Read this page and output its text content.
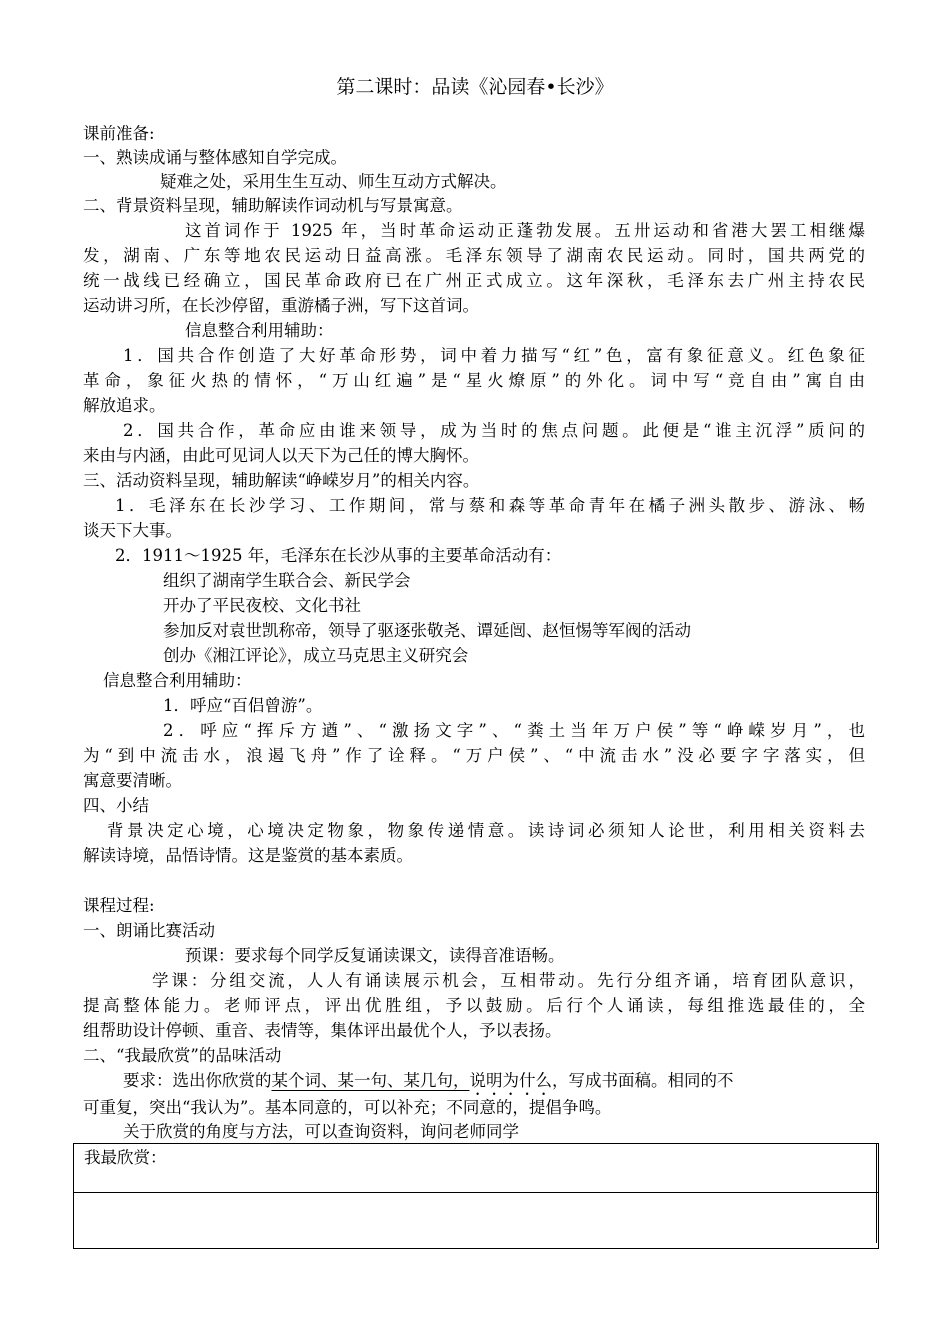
第二课时：品读《沁园春•长沙》
课前准备:
一、熟读成诵与整体感知自学完成。
疑难之处，采用生生互动、师生互动方式解决。
二、背景资料呈现，辅助解读作词动机与写景寓意。
这首词作于 1925 年，当时革命运动正蓬勃发展。五卅运动和省港大罢工相继爆
发，湖南、广东等地农民运动日益高涨。毛泽东领导了湖南农民运动。同时，国共两党的
统一战线已经确立，国民革命政府已在广州正式成立。这年深秋，毛泽东去广州主持农民
运动讲习所，在长沙停留，重游橘子洲，写下这首词。
信息整合利用辅助：
1．国共合作创造了大好革命形势，词中着力描写“红”色，富有象征意义。红色象征
革命，象征火热的情怀，“万山红遍”是“星火燎原”的外化。词中写“竞自由”寓自由
解放追求。
2．国共合作，革命应由谁来领导，成为当时的焦点问题。此便是“谁主沉浮”质问的
来由与内涵，由此可见词人以天下为己任的博大胸怀。
三、活动资料呈现，辅助解读“峥嵘岁月”的相关内容。
1．毛泽东在长沙学习、工作期间，常与蔡和森等革命青年在橘子洲头散步、游泳、畅
谈天下大事。
2．1911～1925 年，毛泽东在长沙从事的主要革命活动有：
组织了湖南学生联合会、新民学会
开办了平民夜校、文化书社
参加反对袁世凯称帝，领导了驱逐张敬尧、谭延闿、赵恒惕等军阀的活动
创办《湘江评论》，成立马克思主义研究会
信息整合利用辅助：
1．呼应“百侣曾游”。
2．呼应“挥斥方遒”、“激扬文字”、“粪土当年万户侯”等“峥嵘岁月”，也
为“到中流击水，浪遏飞舟”作了诠释。“万户侯”、“中流击水”没必要字字落实，但
寓意要清晰。
四、小结
背景决定心境，心境决定物象，物象传递情意。读诗词必须知人论世，利用相关资料去
解读诗境，品悟诗情。这是鉴赏的基本素质。
课程过程:
一、朗诵比赛活动
预课：要求每个同学反复诵读课文，读得音准语畅。
学课：分组交流，人人有诵读展示机会，互相带动。先行分组齐诵，培育团队意识，
提高整体能力。老师评点，评出优胜组，予以鼓励。后行个人诵读，每组推选最佳的，全
组帮助设计停顿、重音、表情等，集体评出最优个人，予以表扬。
二、“我最欣赏”的品味活动
要求：选出你欣赏的某个词、某一句、某几句，说明为什么，写成书面稿。相同的不
可重复，突出“我认为”。基本同意的，可以补充；不同意的，提倡争鸣。
关于欣赏的角度与方法，可以查询资料，询问老师同学
我最欣赏：
